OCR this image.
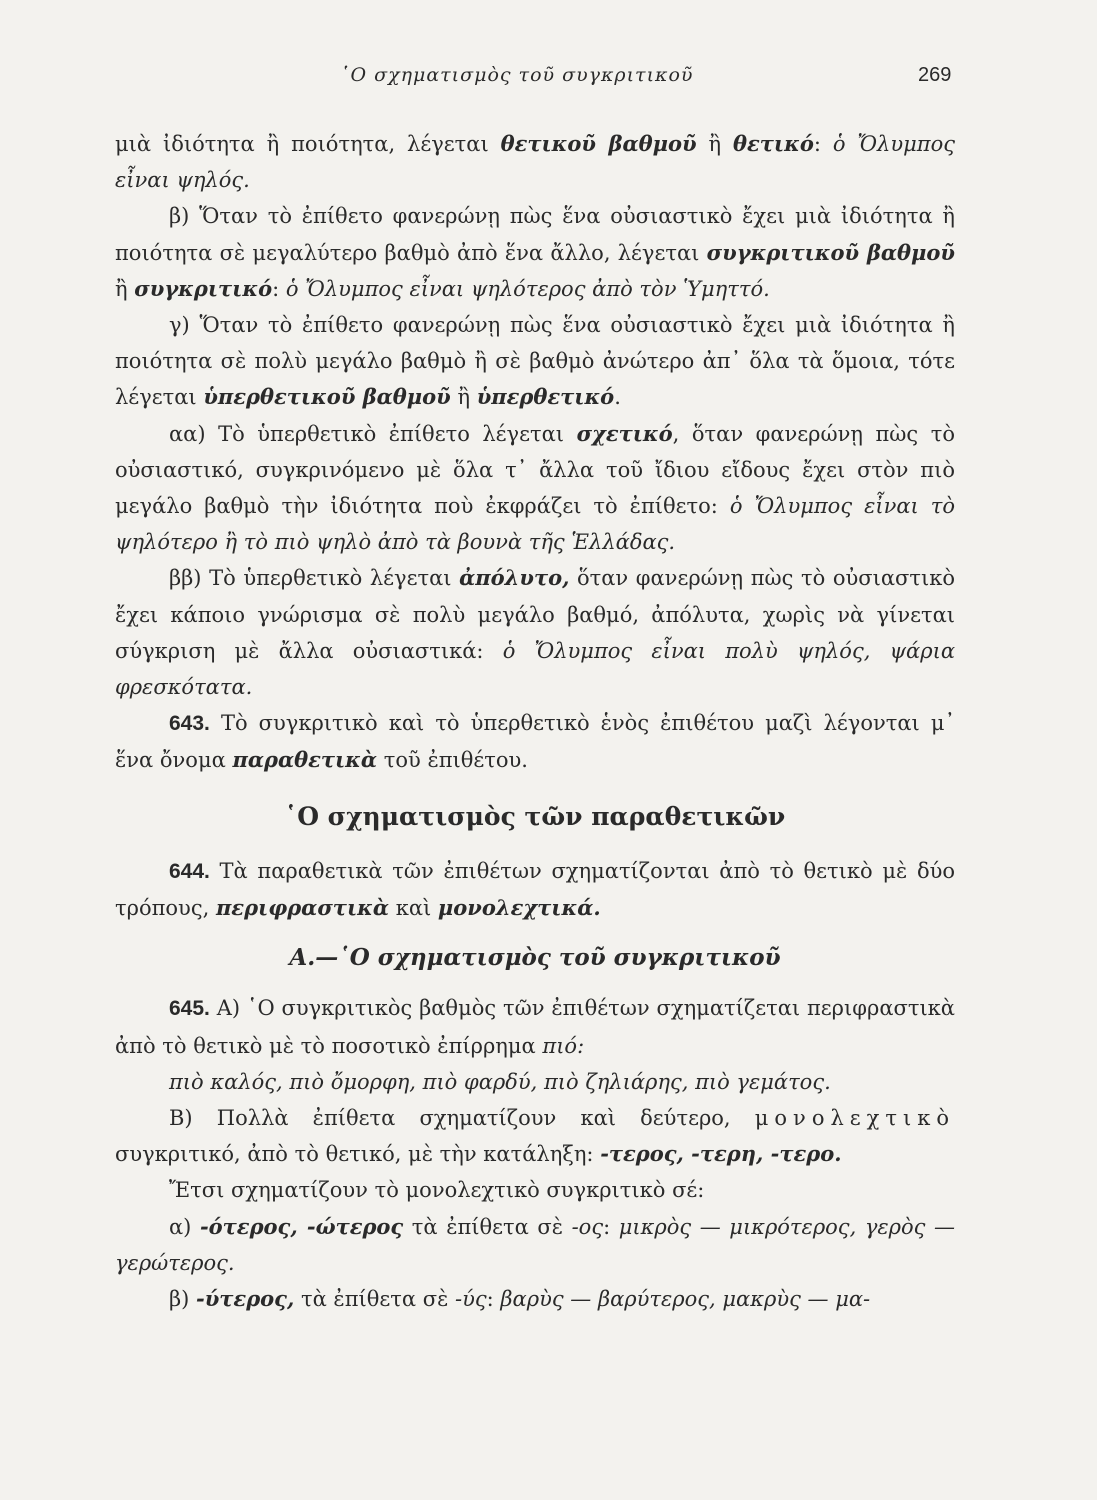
῾Ο σχηματισμὸς τοῦ συγκριτικοῦ	269

μιὰ ἰδιότητα ἢ ποιότητα, λέγεται θετικοῦ βαθμοῦ ἢ θετικό: ὁ Ὄλυμπος εἶναι ψηλός.

β) Ὅταν τὸ ἐπίθετο φανερώνῃ πὼς ἕνα οὐσιαστικὸ ἔχει μιὰ ἰδιότητα ἢ ποιότητα σὲ μεγαλύτερο βαθμὸ ἀπὸ ἕνα ἄλλο, λέγεται συγκριτικοῦ βαθμοῦ ἢ συγκριτικό: ὁ Ὄλυμπος εἶναι ψηλότερος ἀπὸ τὸν Ὑμηττό.

γ) Ὅταν τὸ ἐπίθετο φανερώνῃ πὼς ἕνα οὐσιαστικὸ ἔχει μιὰ ἰδιότητα ἢ ποιότητα σὲ πολὺ μεγάλο βαθμὸ ἢ σὲ βαθμὸ ἀνώτερο ἀπ᾽ ὅλα τὰ ὅμοια, τότε λέγεται ὑπερθετικοῦ βαθμοῦ ἢ ὑπερθετικό.

αα) Τὸ ὑπερθετικὸ ἐπίθετο λέγεται σχετικό, ὅταν φανερώνῃ πὼς τὸ οὐσιαστικό, συγκρινόμενο μὲ ὅλα τ᾽ ἄλλα τοῦ ἴδιου εἴδους ἔχει στὸν πιὸ μεγάλο βαθμὸ τὴν ἰδιότητα ποὺ ἐκφράζει τὸ ἐπίθετο: ὁ Ὄλυμπος εἶναι τὸ ψηλότερο ἢ τὸ πιὸ ψηλὸ ἀπὸ τὰ βουνὰ τῆς Ἑλλάδας.

ββ) Τὸ ὑπερθετικὸ λέγεται ἀπόλυτο, ὅταν φανερώνῃ πὼς τὸ οὐσιαστικὸ ἔχει κάποιο γνώρισμα σὲ πολὺ μεγάλο βαθμό, ἀπόλυτα, χωρὶς νὰ γίνεται σύγκριση μὲ ἄλλα οὐσιαστικά: ὁ Ὄλυμπος εἶναι πολὺ ψηλός, ψάρια φρεσκότατα.

643. Τὸ συγκριτικὸ καὶ τὸ ὑπερθετικὸ ἑνὸς ἐπιθέτου μαζὶ λέγονται μ᾽ ἕνα ὄνομα παραθετικὰ τοῦ ἐπιθέτου.

῾Ο σχηματισμὸς τῶν παραθετικῶν

644. Τὰ παραθετικὰ τῶν ἐπιθέτων σχηματίζονται ἀπὸ τὸ θετικὸ μὲ δύο τρόπους, περιφραστικὰ καὶ μονολεχτικά.

Α.—῾Ο σχηματισμὸς τοῦ συγκριτικοῦ

645. Α) ῾Ο συγκριτικὸς βαθμὸς τῶν ἐπιθέτων σχηματίζεται περιφραστικὰ ἀπὸ τὸ θετικὸ μὲ τὸ ποσοτικὸ ἐπίρρημα πιό:

πιὸ καλός, πιὸ ὄμορφη, πιὸ φαρδύ, πιὸ ζηλιάρης, πιὸ γεμάτος.

Β) Πολλὰ ἐπίθετα σχηματίζουν καὶ δεύτερο, μονολεχτικὸ συγκριτικό, ἀπὸ τὸ θετικό, μὲ τὴν κατάληξη: -τερος, -τερη, -τερο.

Ἔτσι σχηματίζουν τὸ μονολεχτικὸ συγκριτικὸ σέ:

α) -ότερος, -ώτερος τὰ ἐπίθετα σὲ -ος: μικρὸς — μικρότερος, γερὸς — γερώτερος.

β) -ύτερος, τὰ ἐπίθετα σὲ -ύς: βαρὺς — βαρύτερος, μακρὺς — μα-
